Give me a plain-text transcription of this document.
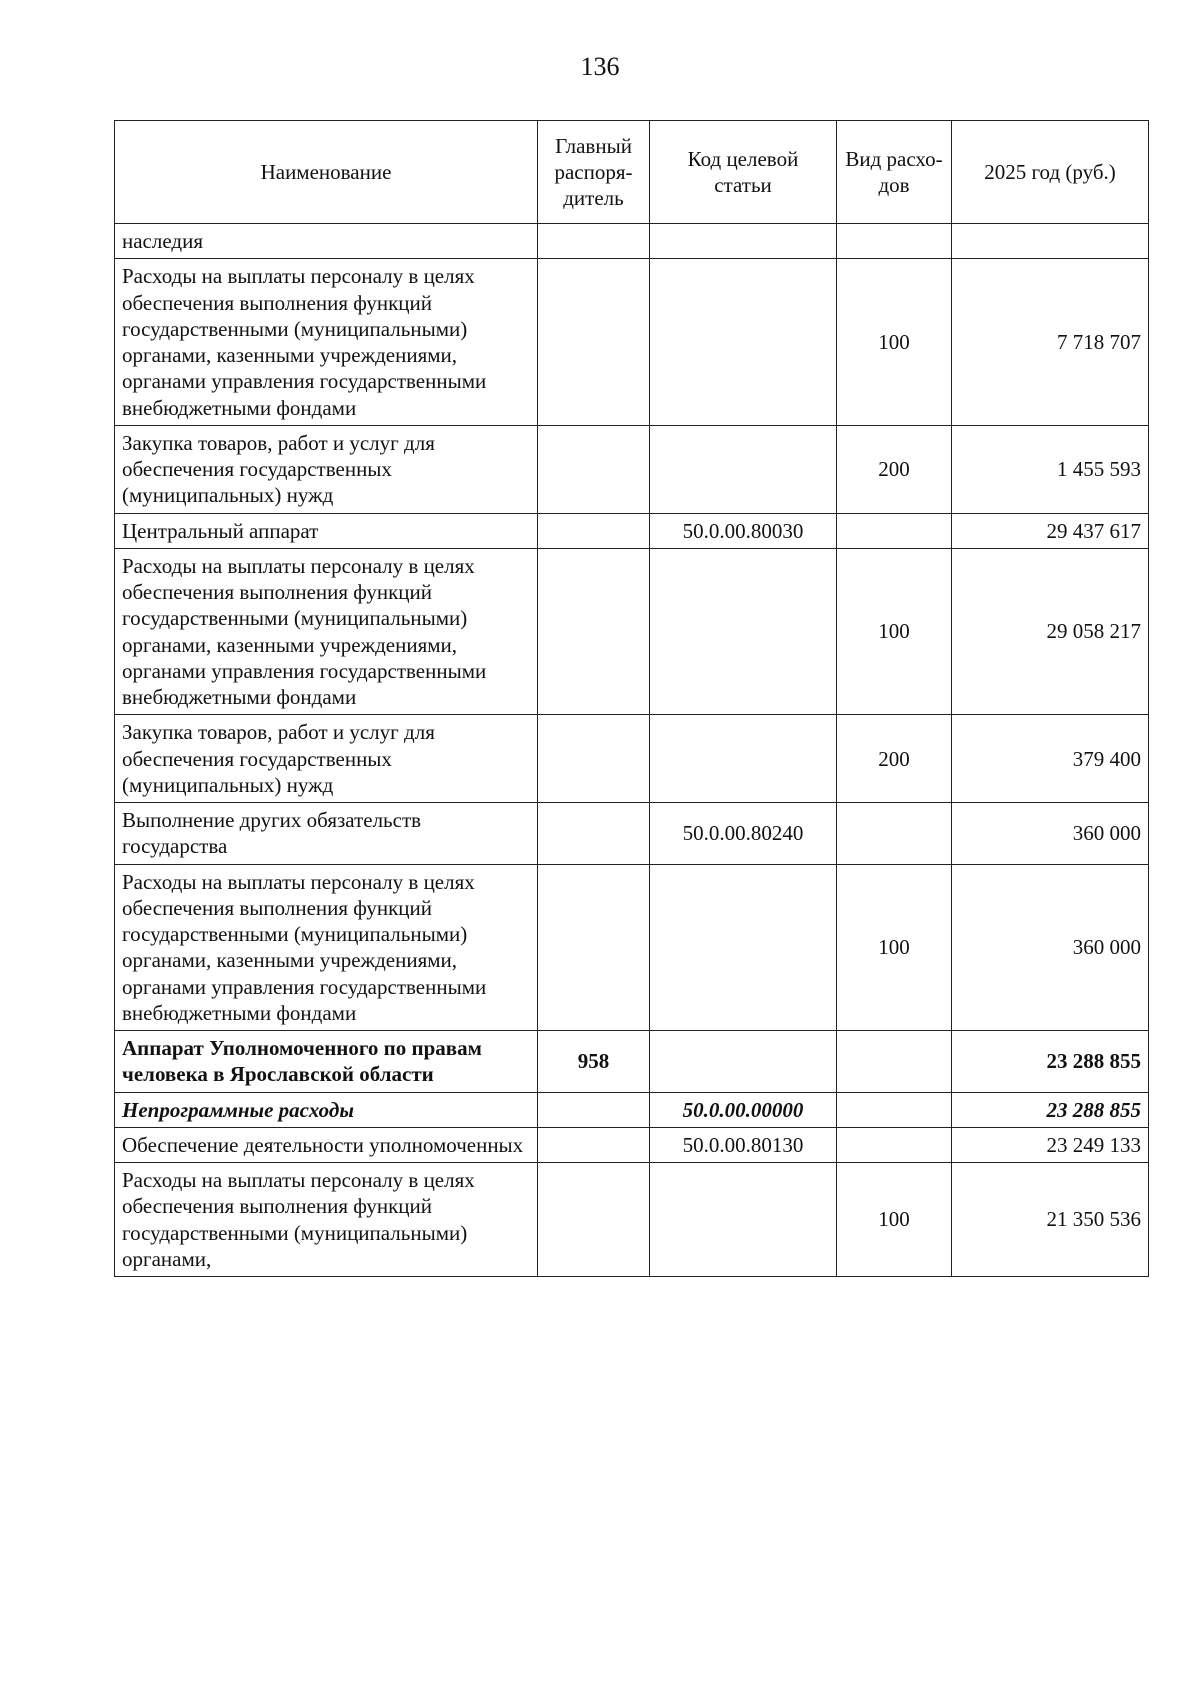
136
Наименование	Главный распоря-дитель	Код целевой статьи	Вид расхо-дов	2025 год (руб.)
наследия				
Расходы на выплаты персоналу в целях обеспечения выполнения функций государственными (муниципальными) органами, казенными учреждениями, органами управления государственными внебюджетными фондами			100	7 718 707
Закупка товаров, работ и услуг для обеспечения государственных (муниципальных) нужд			200	1 455 593
Центральный аппарат		50.0.00.80030		29 437 617
Расходы на выплаты персоналу в целях обеспечения выполнения функций государственными (муниципальными) органами, казенными учреждениями, органами управления государственными внебюджетными фондами			100	29 058 217
Закупка товаров, работ и услуг для обеспечения государственных (муниципальных) нужд			200	379 400
Выполнение других обязательств государства		50.0.00.80240		360 000
Расходы на выплаты персоналу в целях обеспечения выполнения функций государственными (муниципальными) органами, казенными учреждениями, органами управления государственными внебюджетными фондами			100	360 000
Аппарат Уполномоченного по правам человека в Ярославской области	958			23 288 855
Непрограммные расходы		50.0.00.00000		23 288 855
Обеспечение деятельности уполномоченных		50.0.00.80130		23 249 133
Расходы на выплаты персоналу в целях обеспечения выполнения функций государственными (муниципальными) органами,			100	21 350 536
